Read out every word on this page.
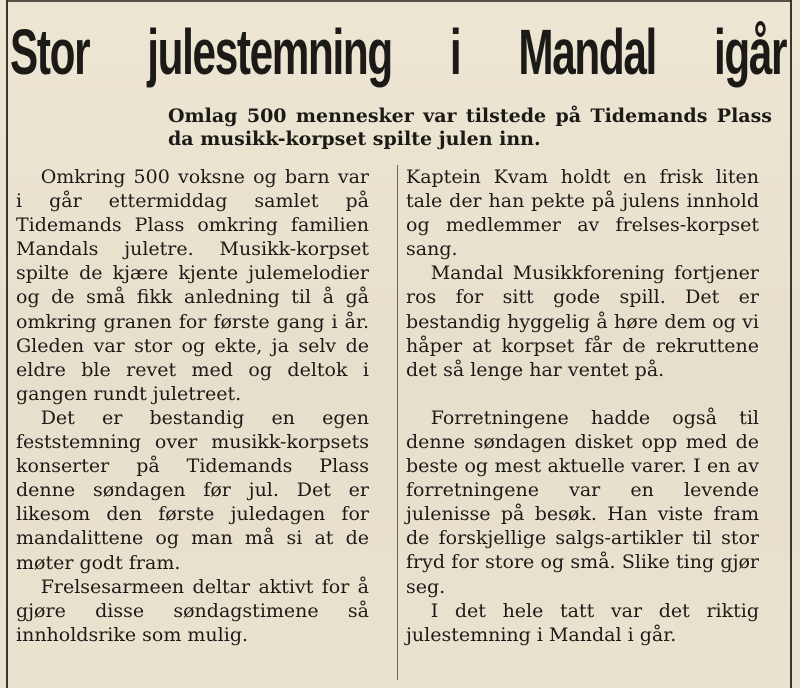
Stor julestemning i Mandal igår
Omlag 500 mennesker var tilstede på Tidemands Plass da musikk-korpset spilte julen inn.

Omkring 500 voksne og barn var i går ettermiddag samlet på Tidemands Plass omkring familien Mandals juletre. Musikk-korpset spilte de kjære kjente julemelodier og de små fikk anledning til å gå omkring granen for første gang i år. Gleden var stor og ekte, ja selv de eldre ble revet med og deltok i gangen rundt juletreet.

Det er bestandig en egen feststemning over musikk-korpsets konserter på Tidemands Plass denne søndagen før jul. Det er likesom den første juledagen for mandalittene og man må si at de møter godt fram.

Frelsesarmeen deltar aktivt for å gjøre disse søndagstimene så innholdsrike som mulig.

Kaptein Kvam holdt en frisk liten tale der han pekte på julens innhold og medlemmer av frelses-korpset sang.

Mandal Musikkforening fortjener ros for sitt gode spill. Det er bestandig hyggelig å høre dem og vi håper at korpset får de rekruttene det så lenge har ventet på.

Forretningene hadde også til denne søndagen disket opp med de beste og mest aktuelle varer. I en av forretningene var en levende julenisse på besøk. Han viste fram de forskjellige salgs-artikler til stor fryd for store og små. Slike ting gjør seg.

I det hele tatt var det riktig julestemning i Mandal i går.
